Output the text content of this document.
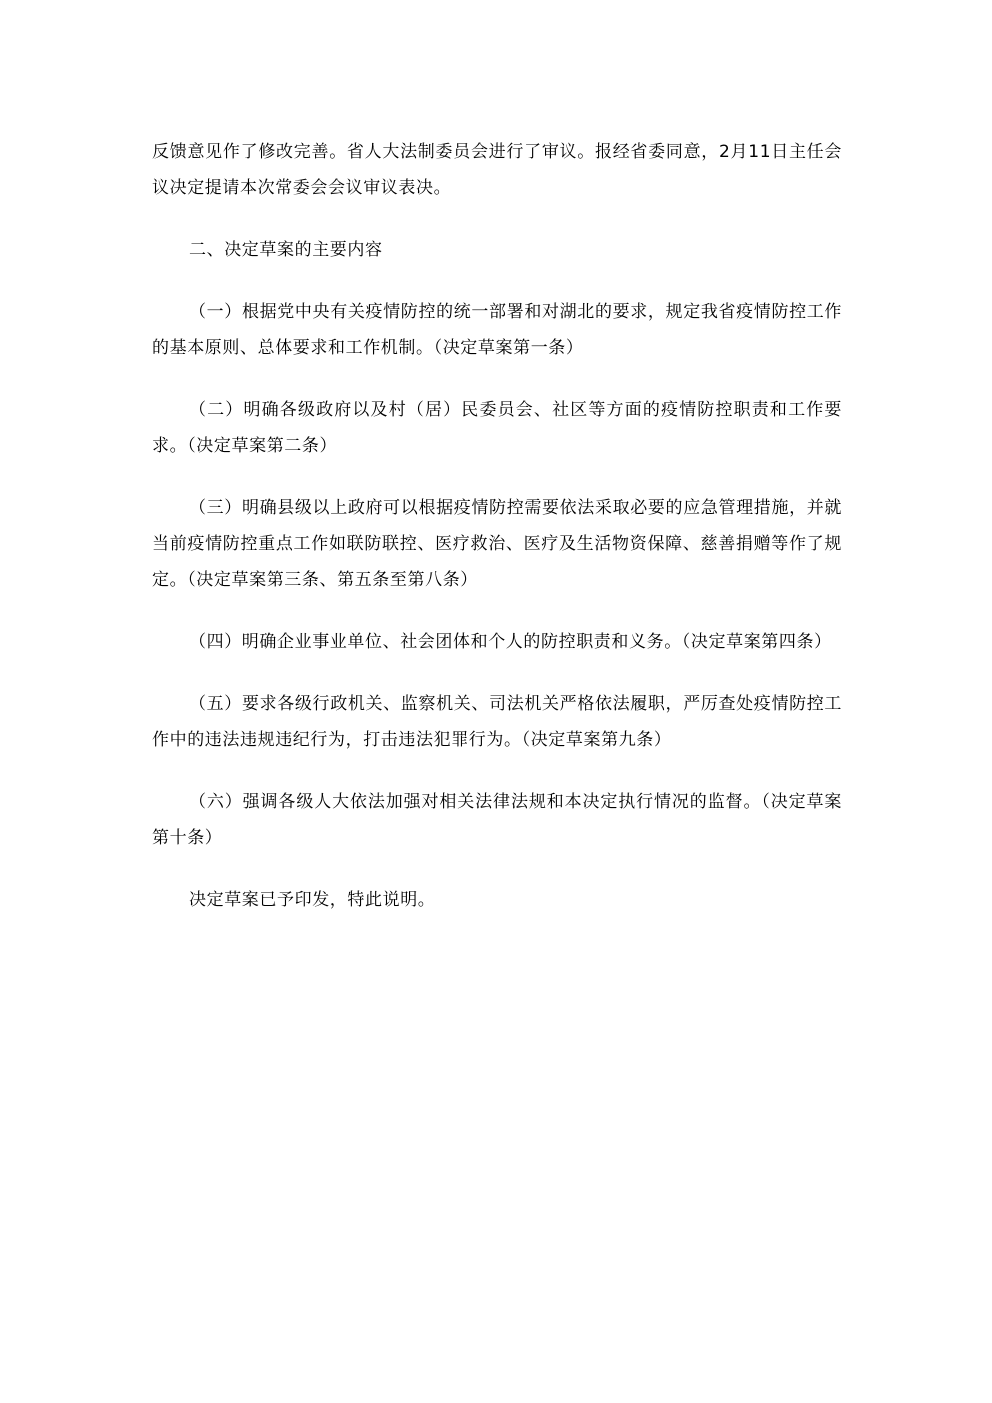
反馈意见作了修改完善。省人大法制委员会进行了审议。报经省委同意，2月11日主任会议决定提请本次常委会会议审议表决。

二、决定草案的主要内容

（一）根据党中央有关疫情防控的统一部署和对湖北的要求，规定我省疫情防控工作的基本原则、总体要求和工作机制。（决定草案第一条）

（二）明确各级政府以及村（居）民委员会、社区等方面的疫情防控职责和工作要求。（决定草案第二条）

（三）明确县级以上政府可以根据疫情防控需要依法采取必要的应急管理措施，并就当前疫情防控重点工作如联防联控、医疗救治、医疗及生活物资保障、慈善捐赠等作了规定。（决定草案第三条、第五条至第八条）

（四）明确企业事业单位、社会团体和个人的防控职责和义务。（决定草案第四条）

（五）要求各级行政机关、监察机关、司法机关严格依法履职，严厉查处疫情防控工作中的违法违规违纪行为，打击违法犯罪行为。（决定草案第九条）

（六）强调各级人大依法加强对相关法律法规和本决定执行情况的监督。（决定草案第十条）

决定草案已予印发，特此说明。
